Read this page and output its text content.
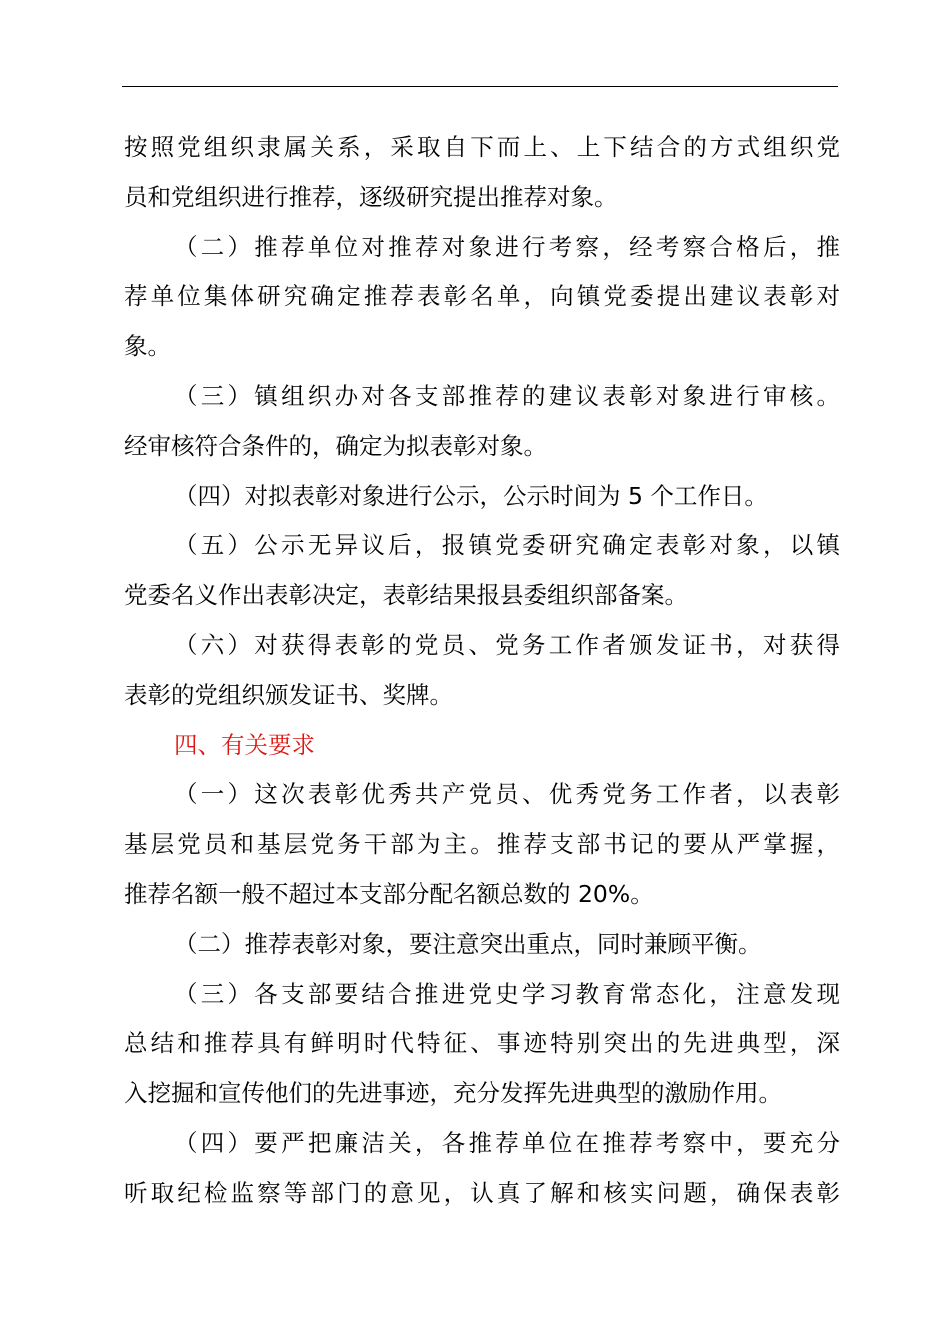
按照党组织隶属关系，采取自下而上、上下结合的方式组织党
员和党组织进行推荐，逐级研究提出推荐对象。
（二）推荐单位对推荐对象进行考察，经考察合格后，推
荐单位集体研究确定推荐表彰名单，向镇党委提出建议表彰对
象。
（三）镇组织办对各支部推荐的建议表彰对象进行审核。
经审核符合条件的，确定为拟表彰对象。
（四）对拟表彰对象进行公示，公示时间为 5 个工作日。
（五）公示无异议后，报镇党委研究确定表彰对象，以镇
党委名义作出表彰决定，表彰结果报县委组织部备案。
（六）对获得表彰的党员、党务工作者颁发证书，对获得
表彰的党组织颁发证书、奖牌。
四、有关要求
（一）这次表彰优秀共产党员、优秀党务工作者，以表彰
基层党员和基层党务干部为主。推荐支部书记的要从严掌握，
推荐名额一般不超过本支部分配名额总数的 20%。
（二）推荐表彰对象，要注意突出重点，同时兼顾平衡。
（三）各支部要结合推进党史学习教育常态化，注意发现
总结和推荐具有鲜明时代特征、事迹特别突出的先进典型，深
入挖掘和宣传他们的先进事迹，充分发挥先进典型的激励作用。
（四）要严把廉洁关，各推荐单位在推荐考察中，要充分
听取纪检监察等部门的意见，认真了解和核实问题，确保表彰
